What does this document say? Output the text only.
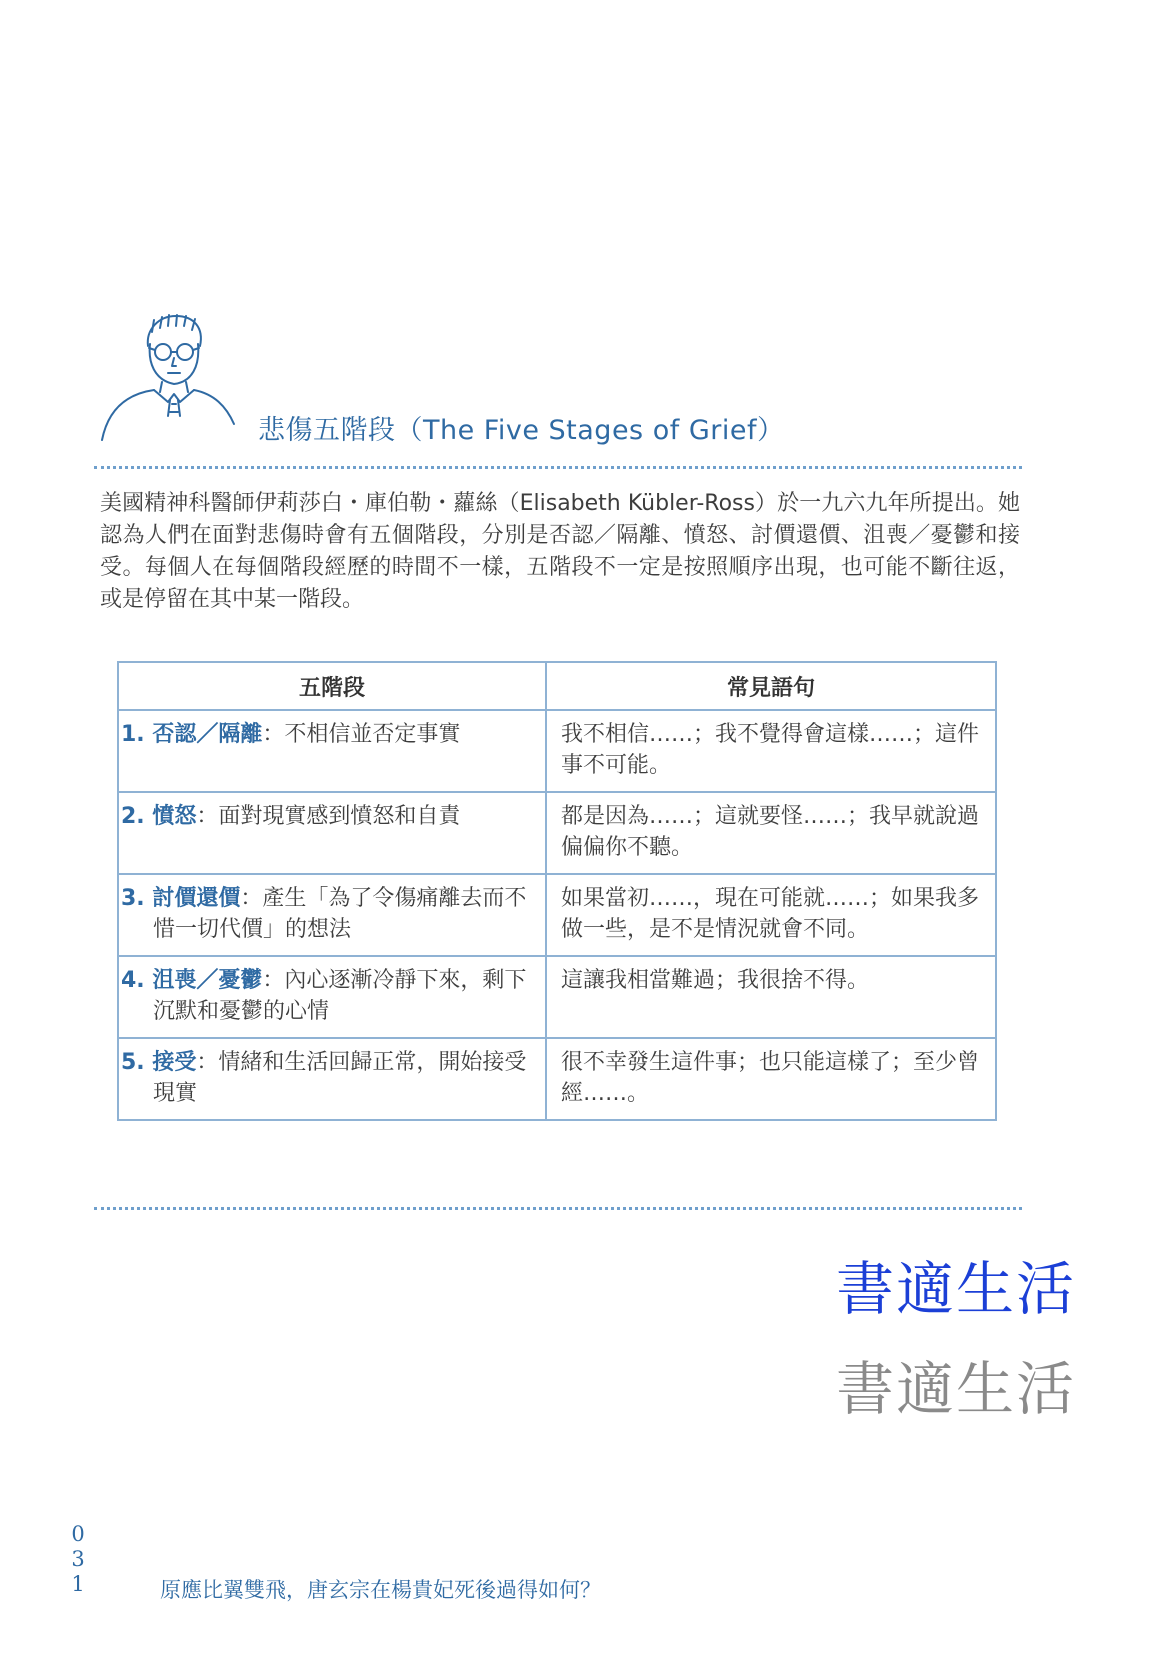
悲傷五階段（The Five Stages of Grief）

美國精神科醫師伊莉莎白・庫伯勒・蘿絲（Elisabeth Kübler-Ross）於一九六九年所提出。她認為人們在面對悲傷時會有五個階段，分別是否認／隔離、憤怒、討價還價、沮喪／憂鬱和接受。每個人在每個階段經歷的時間不一樣，五階段不一定是按照順序出現，也可能不斷往返，或是停留在其中某一階段。

五階段	常見語句
1. 否認／隔離：不相信並否定事實	我不相信……；我不覺得會這樣……；這件事不可能。
2. 憤怒：面對現實感到憤怒和自責	都是因為……；這就要怪……；我早就說過偏偏你不聽。
3. 討價還價：產生「為了令傷痛離去而不惜一切代價」的想法	如果當初……，現在可能就……；如果我多做一些，是不是情況就會不同。
4. 沮喪／憂鬱：內心逐漸冷靜下來，剩下沉默和憂鬱的心情	這讓我相當難過；我很捨不得。
5. 接受：情緒和生活回歸正常，開始接受現實	很不幸發生這件事；也只能這樣了；至少曾經……。
書適生活
書適生活
0
3
1	原應比翼雙飛，唐玄宗在楊貴妃死後過得如何？
